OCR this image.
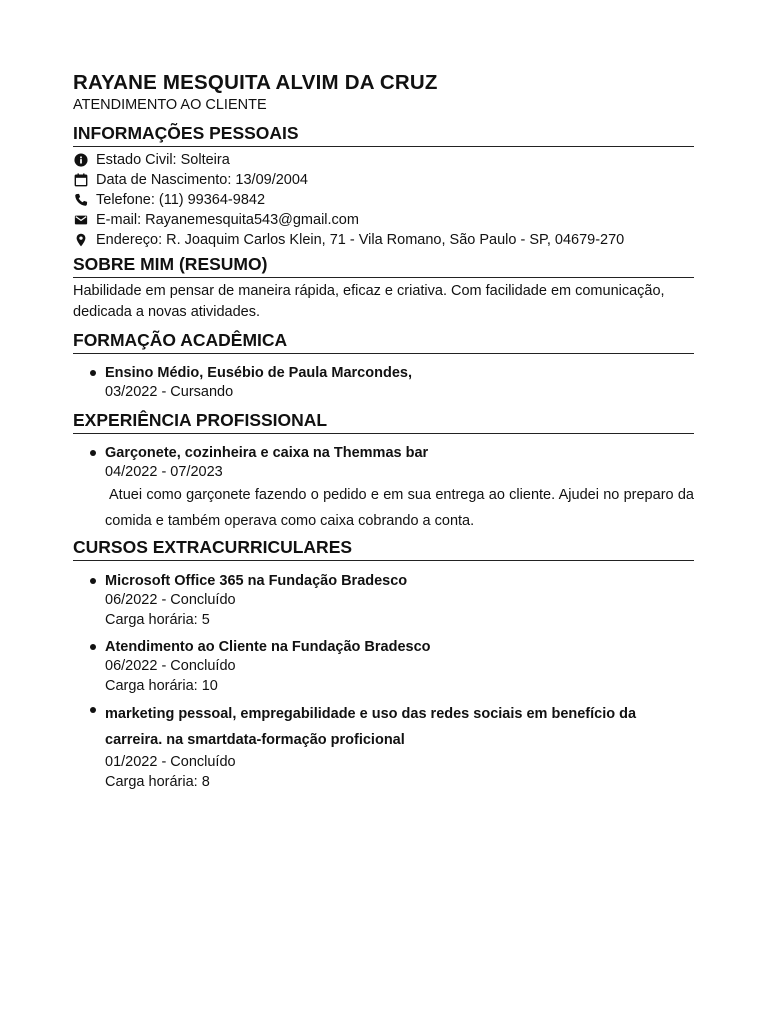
RAYANE MESQUITA ALVIM DA CRUZ

ATENDIMENTO AO CLIENTE

INFORMAÇÕES PESSOAIS
Estado Civil: Solteira
Data de Nascimento: 13/09/2004
Telefone: (11) 99364-9842
E-mail: Rayanemesquita543@gmail.com
Endereço: R. Joaquim Carlos Klein, 71 - Vila Romano, São Paulo - SP, 04679-270
SOBRE MIM (RESUMO)

Habilidade em pensar de maneira rápida, eficaz e criativa. Com facilidade em comunicação, dedicada a novas atividades.

FORMAÇÃO ACADÊMICA
Ensino Médio, Eusébio de Paula Marcondes,
03/2022 - Cursando
EXPERIÊNCIA PROFISSIONAL
Garçonete, cozinheira e caixa na Themmas bar
04/2022 - 07/2023
Atuei como garçonete fazendo o pedido e em sua entrega ao cliente. Ajudei no preparo da comida e também operava como caixa cobrando a conta.
CURSOS EXTRACURRICULARES
Microsoft Office 365 na Fundação Bradesco
06/2022 - Concluído
Carga horária: 5
Atendimento ao Cliente na Fundação Bradesco
06/2022 - Concluído
Carga horária: 10
marketing pessoal, empregabilidade e uso das redes sociais em benefício da carreira. na smartdata-formação proficional
01/2022 - Concluído
Carga horária: 8
